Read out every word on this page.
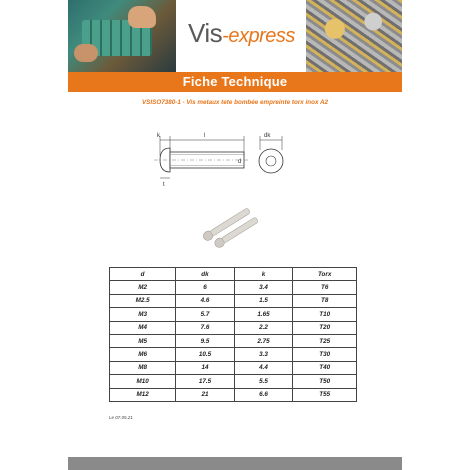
Vis-express
Fiche Technique
VSISO7380-1 - Vis metaux tete bombée empreinte torx inox A2
k	l
d
t
dk
d	dk	k	Torx
M2	6	3.4	T6
M2.5	4.6	1.5	T8
M3	5.7	1.65	T10
M4	7.6	2.2	T20
M5	9.5	2.75	T25
M6	10.5	3.3	T30
M8	14	4.4	T40
M10	17.5	5.5	T50
M12	21	6.6	T55
Le 07.05.21
